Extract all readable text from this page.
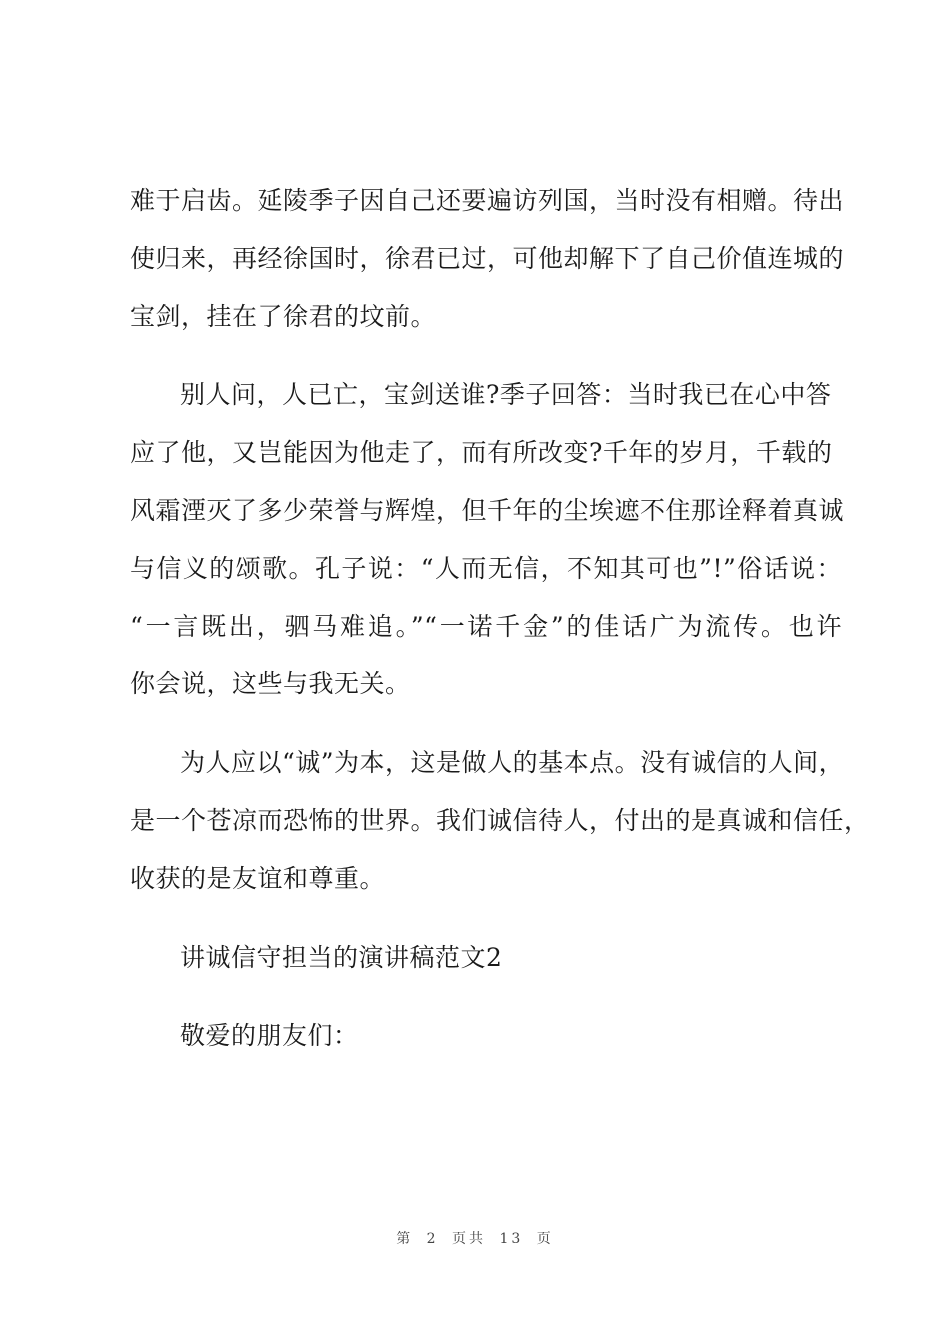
难于启齿。延陵季子因自己还要遍访列国，当时没有相赠。待出
使归来，再经徐国时，徐君已过，可他却解下了自己价值连城的
宝剑，挂在了徐君的坟前。
别人问，人已亡，宝剑送谁?季子回答：当时我已在心中答
应了他，又岂能因为他走了，而有所改变?千年的岁月，千载的
风霜湮灭了多少荣誉与辉煌，但千年的尘埃遮不住那诠释着真诚
与信义的颂歌。孔子说：“人而无信，不知其可也”!”俗话说：
“一言既出，驷马难追。”“一诺千金”的佳话广为流传。也许
你会说，这些与我无关。
为人应以“诚”为本，这是做人的基本点。没有诚信的人间，
是一个苍凉而恐怖的世界。我们诚信待人，付出的是真诚和信任，
收获的是友谊和尊重。
讲诚信守担当的演讲稿范文2
敬爱的朋友们：
第 2 页共 13 页
